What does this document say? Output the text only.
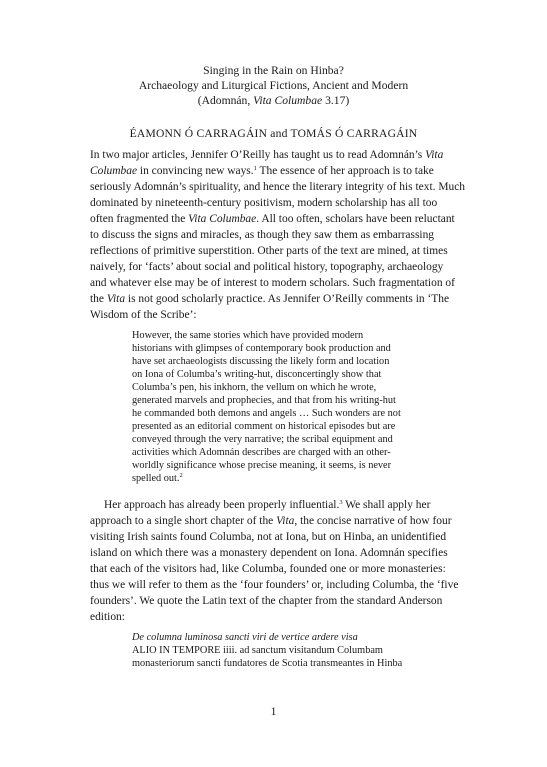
Singing in the Rain on Hinba?
Archaeology and Liturgical Fictions, Ancient and Modern
(Adomnán, Vita Columbae 3.17)
ÉAMONN Ó CARRAGÁIN and TOMÁS Ó CARRAGÁIN
In two major articles, Jennifer O’Reilly has taught us to read Adomnán’s Vita
Columbae in convincing new ways.$^1$ The essence of her approach is to take
seriously Adomnán’s spirituality, and hence the literary integrity of his text. Much
dominated by nineteenth-century positivism, modern scholarship has all too
often fragmented the Vita Columbae. All too often, scholars have been reluctant
to discuss the signs and miracles, as though they saw them as embarrassing
reflections of primitive superstition. Other parts of the text are mined, at times
naively, for ‘facts’ about social and political history, topography, archaeology
and whatever else may be of interest to modern scholars. Such fragmentation of
the Vita is not good scholarly practice. As Jennifer O’Reilly comments in ‘The
Wisdom of the Scribe’:
However, the same stories which have provided modern
historians with glimpses of contemporary book production and
have set archaeologists discussing the likely form and location
on Iona of Columba’s writing-hut, disconcertingly show that
Columba’s pen, his inkhorn, the vellum on which he wrote,
generated marvels and prophecies, and that from his writing-hut
he commanded both demons and angels … Such wonders are not
presented as an editorial comment on historical episodes but are
conveyed through the very narrative; the scribal equipment and
activities which Adomnán describes are charged with an other-
worldly significance whose precise meaning, it seems, is never
spelled out.$^2$
Her approach has already been properly influential.$^3$ We shall apply her
approach to a single short chapter of the Vita, the concise narrative of how four
visiting Irish saints found Columba, not at Iona, but on Hinba, an unidentified
island on which there was a monastery dependent on Iona. Adomnán specifies
that each of the visitors had, like Columba, founded one or more monasteries:
thus we will refer to them as the ‘four founders’ or, including Columba, the ‘five
founders’. We quote the Latin text of the chapter from the standard Anderson
edition:
De columna luminosa sancti viri de vertice ardere visa
ALIO IN TEMPORE iiii. ad sanctum visitandum Columbam
monasteriorum sancti fundatores de Scotia transmeantes in Hinba
1
